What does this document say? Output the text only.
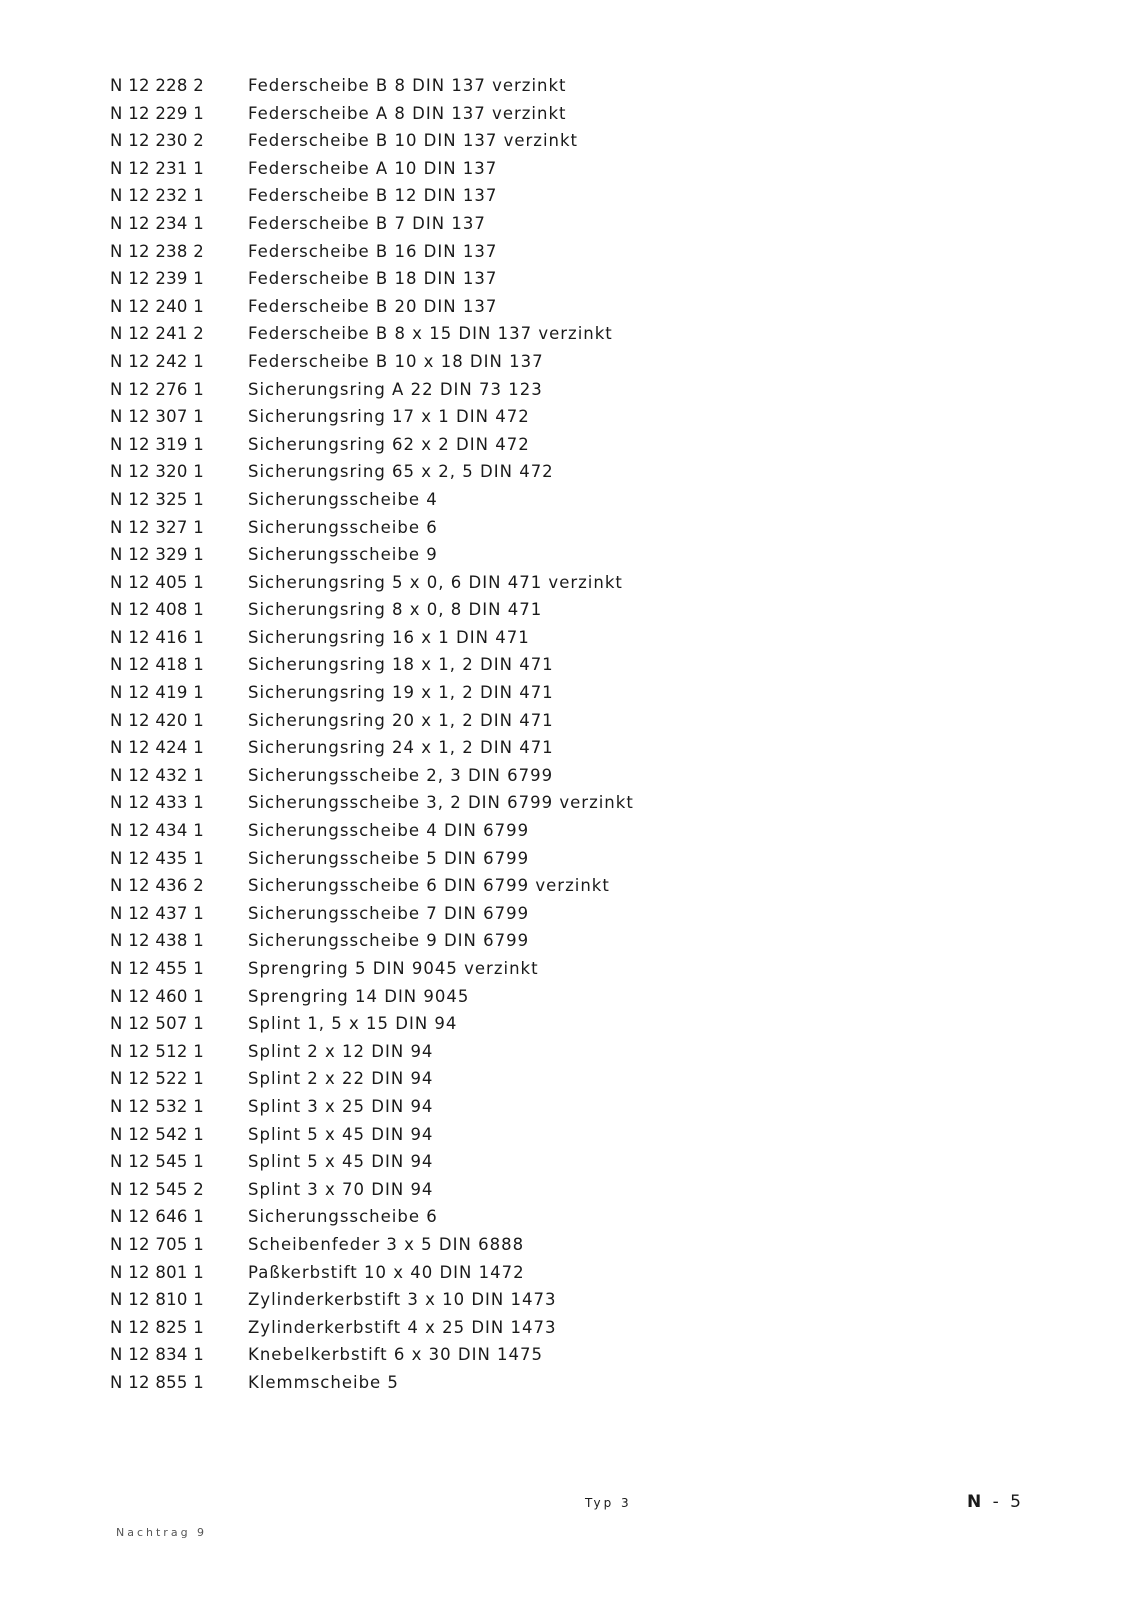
N 12 228 2	Federscheibe B 8 DIN 137 verzinkt
N 12 229 1	Federscheibe A 8 DIN 137 verzinkt
N 12 230 2	Federscheibe B 10 DIN 137 verzinkt
N 12 231 1	Federscheibe A 10 DIN 137
N 12 232 1	Federscheibe B 12 DIN 137
N 12 234 1	Federscheibe B 7 DIN 137
N 12 238 2	Federscheibe B 16 DIN 137
N 12 239 1	Federscheibe B 18 DIN 137
N 12 240 1	Federscheibe B 20 DIN 137
N 12 241 2	Federscheibe B 8 x 15 DIN 137 verzinkt
N 12 242 1	Federscheibe B 10 x 18 DIN 137
N 12 276 1	Sicherungsring A 22 DIN 73 123
N 12 307 1	Sicherungsring 17 x 1 DIN 472
N 12 319 1	Sicherungsring 62 x 2 DIN 472
N 12 320 1	Sicherungsring 65 x 2, 5 DIN 472
N 12 325 1	Sicherungsscheibe 4
N 12 327 1	Sicherungsscheibe 6
N 12 329 1	Sicherungsscheibe 9
N 12 405 1	Sicherungsring 5 x 0, 6 DIN 471 verzinkt
N 12 408 1	Sicherungsring 8 x 0, 8 DIN 471
N 12 416 1	Sicherungsring 16 x 1 DIN 471
N 12 418 1	Sicherungsring 18 x 1, 2 DIN 471
N 12 419 1	Sicherungsring 19 x 1, 2 DIN 471
N 12 420 1	Sicherungsring 20 x 1, 2 DIN 471
N 12 424 1	Sicherungsring 24 x 1, 2 DIN 471
N 12 432 1	Sicherungsscheibe 2, 3 DIN 6799
N 12 433 1	Sicherungsscheibe 3, 2 DIN 6799 verzinkt
N 12 434 1	Sicherungsscheibe 4 DIN 6799
N 12 435 1	Sicherungsscheibe 5 DIN 6799
N 12 436 2	Sicherungsscheibe 6 DIN 6799 verzinkt
N 12 437 1	Sicherungsscheibe 7 DIN 6799
N 12 438 1	Sicherungsscheibe 9 DIN 6799
N 12 455 1	Sprengring 5 DIN 9045 verzinkt
N 12 460 1	Sprengring 14 DIN 9045
N 12 507 1	Splint 1, 5 x 15 DIN 94
N 12 512 1	Splint 2 x 12 DIN 94
N 12 522 1	Splint 2 x 22 DIN 94
N 12 532 1	Splint 3 x 25 DIN 94
N 12 542 1	Splint 5 x 45 DIN 94
N 12 545 1	Splint 5 x 45 DIN 94
N 12 545 2	Splint 3 x 70 DIN 94
N 12 646 1	Sicherungsscheibe 6
N 12 705 1	Scheibenfeder 3 x 5 DIN 6888
N 12 801 1	Paßkerbstift 10 x 40 DIN 1472
N 12 810 1	Zylinderkerbstift 3 x 10 DIN 1473
N 12 825 1	Zylinderkerbstift 4 x 25 DIN 1473
N 12 834 1	Knebelkerbstift 6 x 30 DIN 1475
N 12 855 1	Klemmscheibe 5
Typ 3	N - 5
Nachtrag 9
